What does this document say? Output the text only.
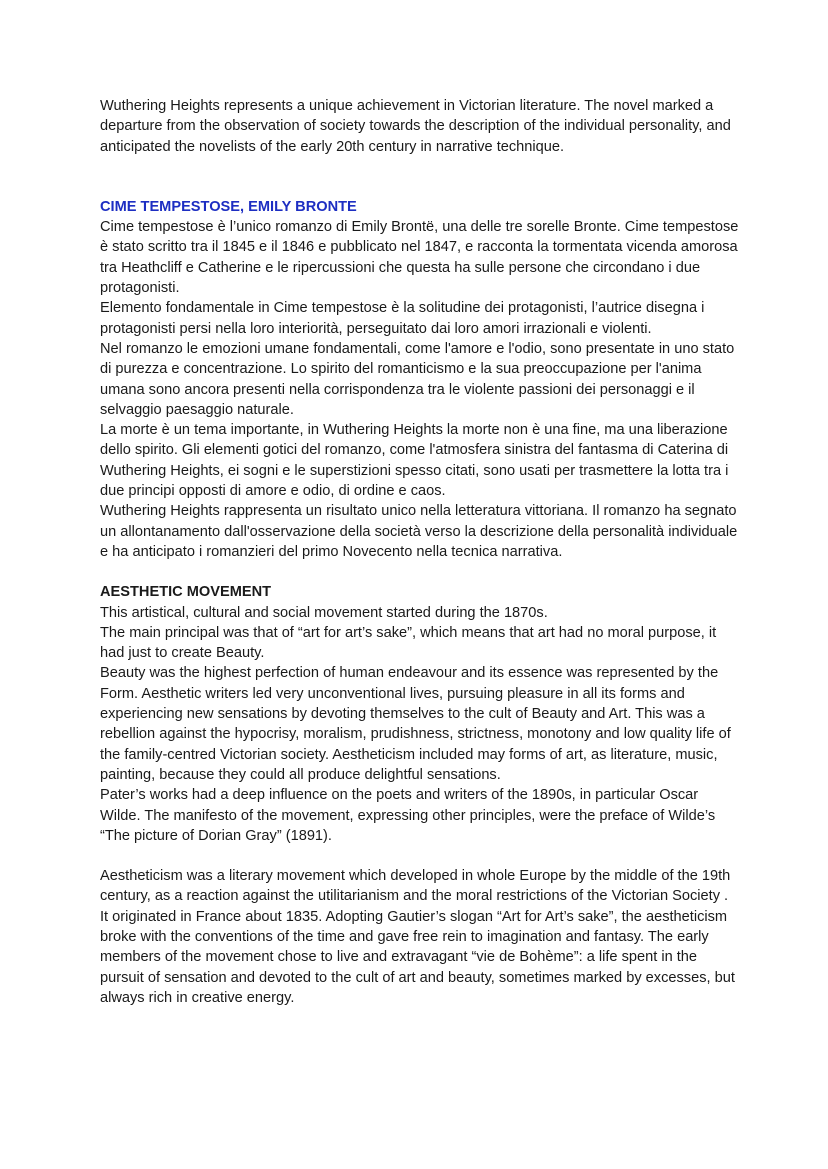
Wuthering Heights represents a unique achievement in Victorian literature. The novel marked a departure from the observation of society towards the description of the individual personality, and anticipated the novelists of the early 20th century in narrative technique.

CIME TEMPESTOSE, EMILY BRONTE

Cime tempestose è l’unico romanzo di Emily Brontë, una delle tre sorelle Bronte. Cime tempestose è stato scritto tra il 1845 e il 1846 e pubblicato nel 1847, e racconta la tormentata vicenda amorosa tra Heathcliff e Catherine e le ripercussioni che questa ha sulle persone che circondano i due protagonisti.

Elemento fondamentale in Cime tempestose è la solitudine dei protagonisti, l’autrice disegna i protagonisti persi nella loro interiorità, perseguitato dai loro amori irrazionali e violenti.

Nel romanzo le emozioni umane fondamentali, come l'amore e l'odio, sono presentate in uno stato di purezza e concentrazione. Lo spirito del romanticismo e la sua preoccupazione per l'anima umana sono ancora presenti nella corrispondenza tra le violente passioni dei personaggi e il selvaggio paesaggio naturale.

La morte è un tema importante, in Wuthering Heights la morte non è una fine, ma una liberazione dello spirito. Gli elementi gotici del romanzo, come l'atmosfera sinistra del fantasma di Caterina di Wuthering Heights, ei sogni e le superstizioni spesso citati, sono usati per trasmettere la lotta tra i due principi opposti di amore e odio, di ordine e caos.

Wuthering Heights rappresenta un risultato unico nella letteratura vittoriana. Il romanzo ha segnato un allontanamento dall'osservazione della società verso la descrizione della personalità individuale e ha anticipato i romanzieri del primo Novecento nella tecnica narrativa.

AESTHETIC MOVEMENT

This artistical, cultural and social movement started during the 1870s.

The main principal was that of “art for art’s sake”, which means that art had no moral purpose, it had just to create Beauty.

Beauty was the highest perfection of human endeavour and its essence was represented by the Form. Aesthetic writers led very unconventional lives, pursuing pleasure in all its forms and experiencing new sensations by devoting themselves to the cult of Beauty and Art. This was a rebellion against the hypocrisy, moralism, prudishness, strictness, monotony and low quality life of the family-centred Victorian society. Aestheticism included may forms of art, as literature, music, painting, because they could all produce delightful sensations.

Pater’s works had a deep influence on the poets and writers of the 1890s, in particular Oscar Wilde. The manifesto of the movement, expressing other principles, were the preface of Wilde’s “The picture of Dorian Gray” (1891).

Aestheticism was a literary movement which developed in whole Europe by the middle of the 19th century, as a reaction against the utilitarianism and the moral restrictions of the Victorian Society .

It originated in France about 1835. Adopting Gautier’s slogan “Art for Art’s sake”, the aestheticism broke with the conventions of the time and gave free rein to imagination and fantasy. The early members of the movement chose to live and extravagant “vie de Bohème”: a life spent in the pursuit of sensation and devoted to the cult of art and beauty, sometimes marked by excesses, but always rich in creative energy.
